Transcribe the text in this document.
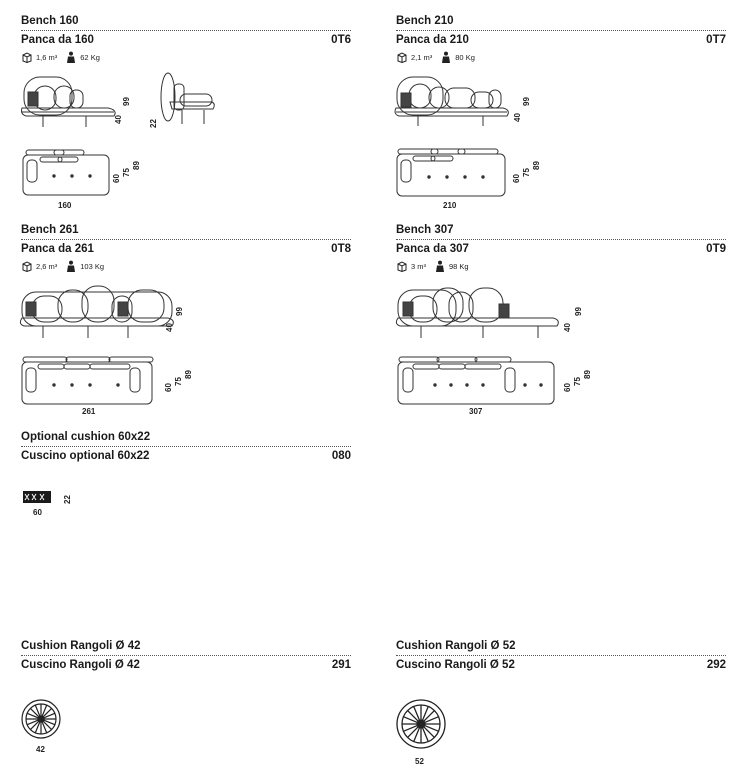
Bench 160
Panca da 160	0T6
1,6 m³	62 Kg
40
99
22
60
75
89
160
Bench 210
Panca da 210	0T7
2,1 m³	80 Kg
40
99
60
75
89
210
Bench 261
Panca da 261	0T8
2,6 m³	103 Kg
40
99
60
75
89
261
Bench 307
Panca da 307	0T9
3 m³	98 Kg
40
99
60
75
89
307
Optional cushion 60x22
Cuscino optional 60x22	080
22
60
Cushion Rangoli Ø 42
Cuscino Rangoli Ø 42	291
42
Cushion Rangoli Ø 52
Cuscino Rangoli Ø 52	292
52
